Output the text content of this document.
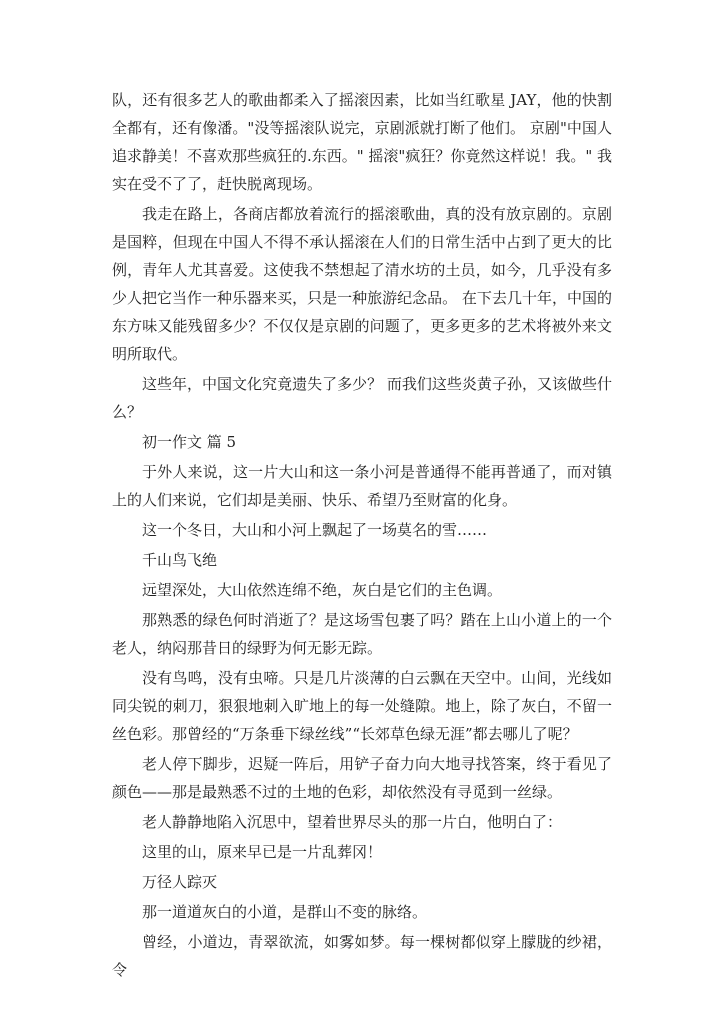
队，还有很多艺人的歌曲都柔入了摇滚因素，比如当红歌星 JAY，他的快割全都有，还有像潘。"没等摇滚队说完，京剧派就打断了他们。 京剧"中国人追求静美！不喜欢那些疯狂的.东西。" 摇滚"疯狂？你竟然这样说！我。" 我实在受不了了，赶快脱离现场。

我走在路上，各商店都放着流行的摇滚歌曲，真的没有放京剧的。京剧是国粹，但现在中国人不得不承认摇滚在人们的日常生活中占到了更大的比例，青年人尤其喜爱。这使我不禁想起了清水坊的土员，如今，几乎没有多少人把它当作一种乐器来买，只是一种旅游纪念品。 在下去几十年，中国的东方味又能残留多少？不仅仅是京剧的问题了，更多更多的艺术将被外来文明所取代。

这些年，中国文化究竟遗失了多少？ 而我们这些炎黄子孙，又该做些什么？

初一作文 篇 5

于外人来说，这一片大山和这一条小河是普通得不能再普通了，而对镇上的人们来说，它们却是美丽、快乐、希望乃至财富的化身。

这一个冬日，大山和小河上飘起了一场莫名的雪……

千山鸟飞绝

远望深处，大山依然连绵不绝，灰白是它们的主色调。

那熟悉的绿色何时消逝了？是这场雪包裹了吗？踏在上山小道上的一个老人，纳闷那昔日的绿野为何无影无踪。

没有鸟鸣，没有虫啼。只是几片淡薄的白云飘在天空中。山间，光线如同尖锐的刺刀，狠狠地刺入旷地上的每一处缝隙。地上，除了灰白，不留一丝色彩。那曾经的“万条垂下绿丝线”“长郊草色绿无涯”都去哪儿了呢？

老人停下脚步，迟疑一阵后，用铲子奋力向大地寻找答案，终于看见了颜色——那是最熟悉不过的土地的色彩，却依然没有寻觅到一丝绿。

老人静静地陷入沉思中，望着世界尽头的那一片白，他明白了：

这里的山，原来早已是一片乱葬冈！

万径人踪灭

那一道道灰白的小道，是群山不变的脉络。

曾经，小道边，青翠欲流，如雾如梦。每一棵树都似穿上朦胧的纱裙，令
